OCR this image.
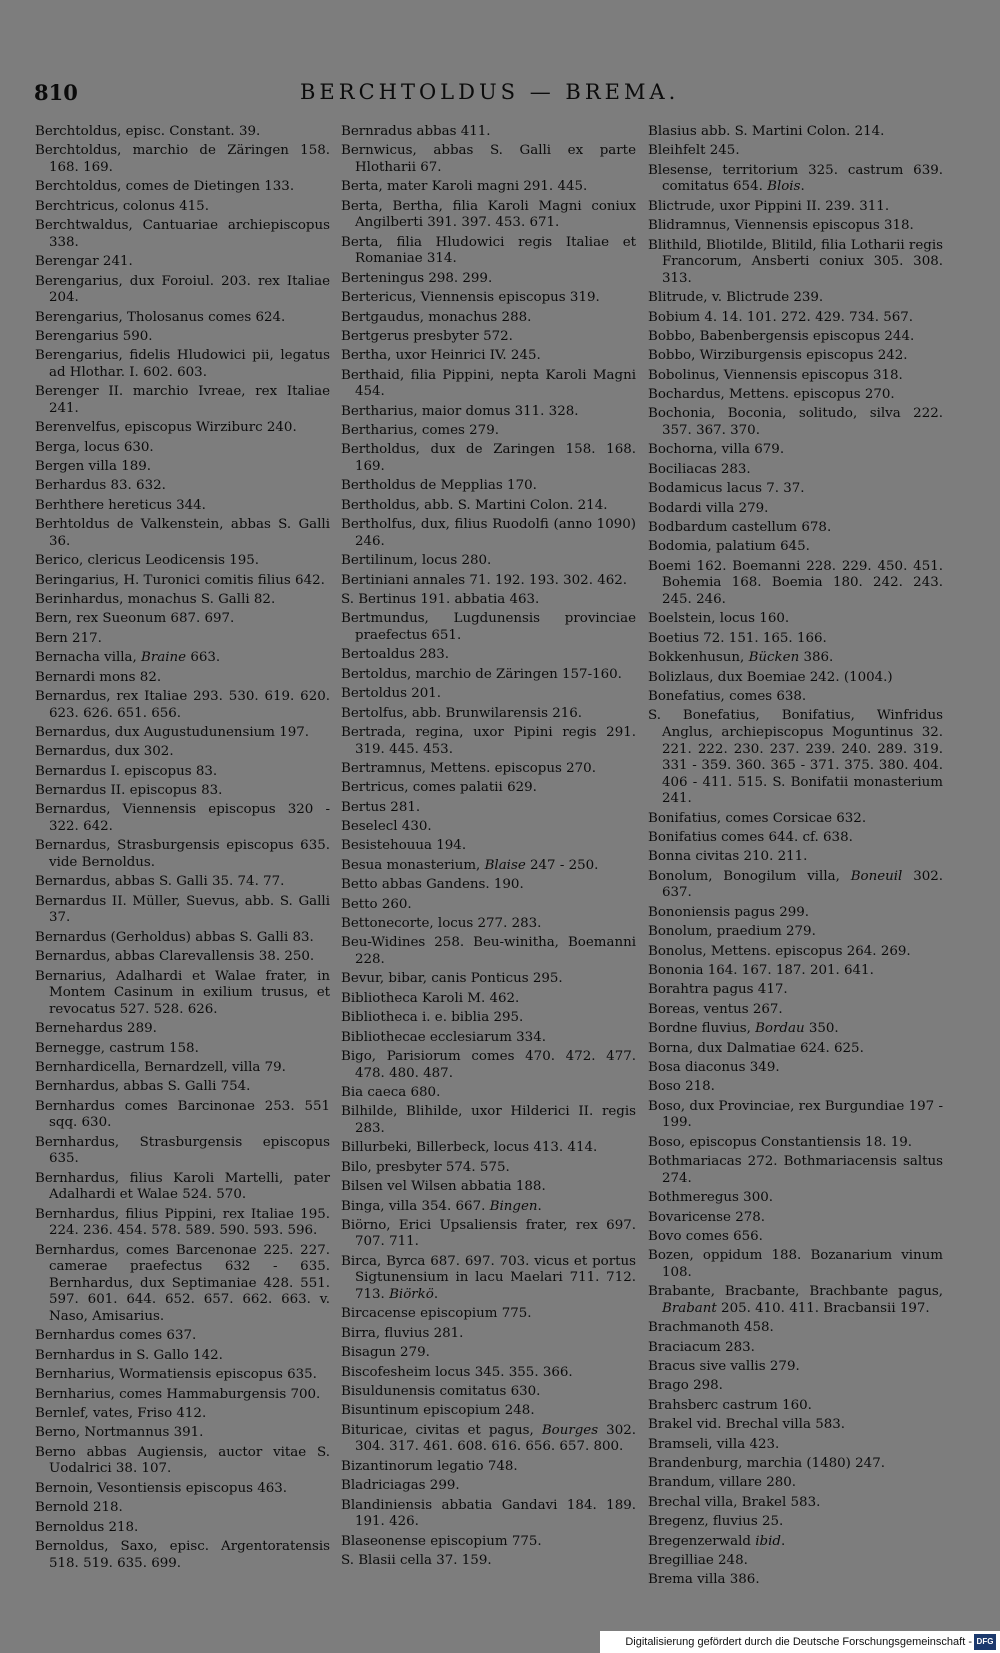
810	BERCHTOLDUS — BREMA.
Berchtoldus, episc. Constant. 39.
Berchtoldus, marchio de Zäringen 158. 168. 169.
Berchtoldus, comes de Dietingen 133.
Berchtricus, colonus 415.
Berchtwaldus, Cantuariae archiepiscopus 338.
Berengar 241.
Berengarius, dux Foroiul. 203. rex Italiae 204.
Berengarius, Tholosanus comes 624.
Berengarius 590.
Berengarius, fidelis Hludowici pii, legatus ad Hlothar. I. 602. 603.
Berenger II. marchio Ivreae, rex Italiae 241.
Berenvelfus, episcopus Wirziburc 240.
Berga, locus 630.
Bergen villa 189.
Berhardus 83. 632.
Berhthere hereticus 344.
Berhtoldus de Valkenstein, abbas S. Galli 36.
Berico, clericus Leodicensis 195.
Beringarius, H. Turonici comitis filius 642.
Berinhardus, monachus S. Galli 82.
Bern, rex Sueonum 687. 697.
Bern 217.
Bernacha villa, Braine 663.
Bernardi mons 82.
Bernardus, rex Italiae 293. 530. 619. 620. 623. 626. 651. 656.
Bernardus, dux Augustudunensium 197.
Bernardus, dux 302.
Bernardus I. episcopus 83.
Bernardus II. episcopus 83.
Bernardus, Viennensis episcopus 320 - 322. 642.
Bernardus, Strasburgensis episcopus 635. vide Bernoldus.
Bernardus, abbas S. Galli 35. 74. 77.
Bernardus II. Müller, Suevus, abb. S. Galli 37.
Bernardus (Gerholdus) abbas S. Galli 83.
Bernardus, abbas Clarevallensis 38. 250.
Bernarius, Adalhardi et Walae frater, in Montem Casinum in exilium trusus, et revocatus 527. 528. 626.
Bernehardus 289.
Bernegge, castrum 158.
Bernhardicella, Bernardzell, villa 79.
Bernhardus, abbas S. Galli 754.
Bernhardus comes Barcinonae 253. 551 sqq. 630.
Bernhardus, Strasburgensis episcopus 635.
Bernhardus, filius Karoli Martelli, pater Adalhardi et Walae 524. 570.
Bernhardus, filius Pippini, rex Italiae 195. 224. 236. 454. 578. 589. 590. 593. 596.
Bernhardus, comes Barcenonae 225. 227. camerae praefectus 632 - 635. Bernhardus, dux Septimaniae 428. 551. 597. 601. 644. 652. 657. 662. 663. v. Naso, Amisarius.
Bernhardus comes 637.
Bernhardus in S. Gallo 142.
Bernharius, Wormatiensis episcopus 635.
Bernharius, comes Hammaburgensis 700.
Bernlef, vates, Friso 412.
Berno, Nortmannus 391.
Berno abbas Augiensis, auctor vitae S. Uodalrici 38. 107.
Bernoin, Vesontiensis episcopus 463.
Bernold 218.
Bernoldus 218.
Bernoldus, Saxo, episc. Argentoratensis 518. 519. 635. 699.
Bernradus abbas 411.
Bernwicus, abbas S. Galli ex parte Hlotharii 67.
Berta, mater Karoli magni 291. 445.
Berta, Bertha, filia Karoli Magni coniux Angilberti 391. 397. 453. 671.
Berta, filia Hludowici regis Italiae et Romaniae 314.
Berteningus 298. 299.
Bertericus, Viennensis episcopus 319.
Bertgaudus, monachus 288.
Bertgerus presbyter 572.
Bertha, uxor Heinrici IV. 245.
Berthaid, filia Pippini, nepta Karoli Magni 454.
Bertharius, maior domus 311. 328.
Bertharius, comes 279.
Bertholdus, dux de Zaringen 158. 168. 169.
Bertholdus de Mepplias 170.
Bertholdus, abb. S. Martini Colon. 214.
Bertholfus, dux, filius Ruodolfi (anno 1090) 246.
Bertilinum, locus 280.
Bertiniani annales 71. 192. 193. 302. 462.
S. Bertinus 191. abbatia 463.
Bertmundus, Lugdunensis provinciae praefectus 651.
Bertoaldus 283.
Bertoldus, marchio de Zäringen 157-160.
Bertoldus 201.
Bertolfus, abb. Brunwilarensis 216.
Bertrada, regina, uxor Pipini regis 291. 319. 445. 453.
Bertramnus, Mettens. episcopus 270.
Bertricus, comes palatii 629.
Bertus 281.
Beselecl 430.
Besistehouua 194.
Besua monasterium, Blaise 247 - 250.
Betto abbas Gandens. 190.
Betto 260.
Bettonecorte, locus 277. 283.
Beu-Widines 258. Beu-winitha, Boemanni 228.
Bevur, bibar, canis Ponticus 295.
Bibliotheca Karoli M. 462.
Bibliotheca i. e. biblia 295.
Bibliothecae ecclesiarum 334.
Bigo, Parisiorum comes 470. 472. 477. 478. 480. 487.
Bia caeca 680.
Bilhilde, Blihilde, uxor Hilderici II. regis 283.
Billurbeki, Billerbeck, locus 413. 414.
Bilo, presbyter 574. 575.
Bilsen vel Wilsen abbatia 188.
Binga, villa 354. 667. Bingen.
Biörno, Erici Upsaliensis frater, rex 697. 707. 711.
Birca, Byrca 687. 697. 703. vicus et portus Sigtunensium in lacu Maelari 711. 712. 713. Biörkö.
Bircacense episcopium 775.
Birra, fluvius 281.
Bisagun 279.
Biscofesheim locus 345. 355. 366.
Bisuldunensis comitatus 630.
Bisuntinum episcopium 248.
Bituricae, civitas et pagus, Bourges 302. 304. 317. 461. 608. 616. 656. 657. 800.
Bizantinorum legatio 748.
Bladriciagas 299.
Blandiniensis abbatia Gandavi 184. 189. 191. 426.
Blaseonense episcopium 775.
S. Blasii cella 37. 159.
Blasius abb. S. Martini Colon. 214.
Bleihfelt 245.
Blesense, territorium 325. castrum 639. comitatus 654. Blois.
Blictrude, uxor Pippini II. 239. 311.
Blidramnus, Viennensis episcopus 318.
Blithild, Bliotilde, Blitild, filia Lotharii regis Francorum, Ansberti coniux 305. 308. 313.
Blitrude, v. Blictrude 239.
Bobium 4. 14. 101. 272. 429. 734. 567.
Bobbo, Babenbergensis episcopus 244.
Bobbo, Wirziburgensis episcopus 242.
Bobolinus, Viennensis episcopus 318.
Bochardus, Mettens. episcopus 270.
Bochonia, Boconia, solitudo, silva 222. 357. 367. 370.
Bochorna, villa 679.
Bociliacas 283.
Bodamicus lacus 7. 37.
Bodardi villa 279.
Bodbardum castellum 678.
Bodomia, palatium 645.
Boemi 162. Boemanni 228. 229. 450. 451. Bohemia 168. Boemia 180. 242. 243. 245. 246.
Boelstein, locus 160.
Boetius 72. 151. 165. 166.
Bokkenhusun, Bücken 386.
Bolizlaus, dux Boemiae 242. (1004.)
Bonefatius, comes 638.
S. Bonefatius, Bonifatius, Winfridus Anglus, archiepiscopus Moguntinus 32. 221. 222. 230. 237. 239. 240. 289. 319. 331 - 359. 360. 365 - 371. 375. 380. 404. 406 - 411. 515. S. Bonifatii monasterium 241.
Bonifatius, comes Corsicae 632.
Bonifatius comes 644. cf. 638.
Bonna civitas 210. 211.
Bonolum, Bonogilum villa, Boneuil 302. 637.
Bononiensis pagus 299.
Bonolum, praedium 279.
Bonolus, Mettens. episcopus 264. 269.
Bononia 164. 167. 187. 201. 641.
Borahtra pagus 417.
Boreas, ventus 267.
Bordne fluvius, Bordau 350.
Borna, dux Dalmatiae 624. 625.
Bosa diaconus 349.
Boso 218.
Boso, dux Provinciae, rex Burgundiae 197 - 199.
Boso, episcopus Constantiensis 18. 19.
Bothmariacas 272. Bothmariacensis saltus 274.
Bothmeregus 300.
Bovaricense 278.
Bovo comes 656.
Bozen, oppidum 188. Bozanarium vinum 108.
Brabante, Bracbante, Brachbante pagus, Brabant 205. 410. 411. Bracbansii 197.
Brachmanoth 458.
Braciacum 283.
Bracus sive vallis 279.
Brago 298.
Brahsberc castrum 160.
Brakel vid. Brechal villa 583.
Bramseli, villa 423.
Brandenburg, marchia (1480) 247.
Brandum, villare 280.
Brechal villa, Brakel 583.
Bregenz, fluvius 25.
Bregenzerwald ibid.
Bregilliae 248.
Brema villa 386.
Digitalisierung gefördert durch die Deutsche Forschungsgemeinschaft - DFG
